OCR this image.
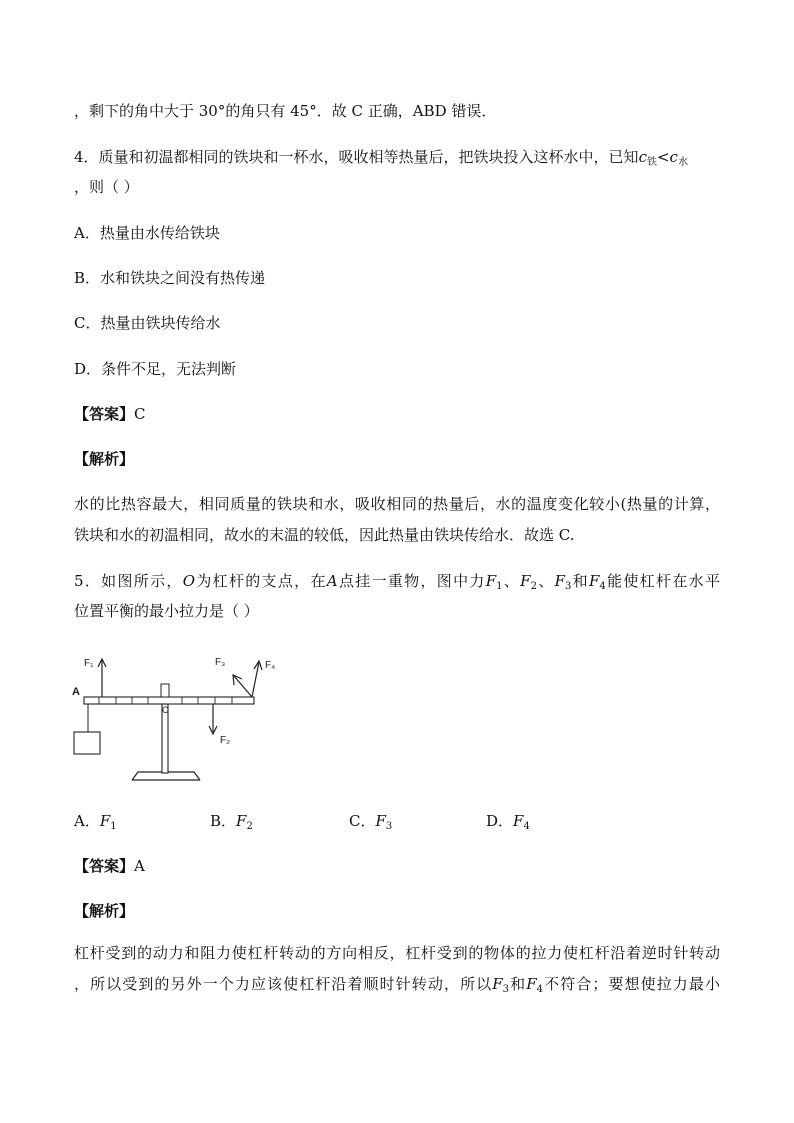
，剩下的角中大于 30°的角只有 45°．故 C 正确，ABD 错误．
4．质量和初温都相同的铁块和一杯水，吸收相等热量后，把铁块投入这杯水中，已知$c_铁<c_水$
，则（ ）
A．热量由水传给铁块
B．水和铁块之间没有热传递
C．热量由铁块传给水
D．条件不足，无法判断
【答案】C
【解析】
水的比热容最大，相同质量的铁块和水，吸收相同的热量后，水的温度变化较小(热量的计算，
铁块和水的初温相同，故水的末温的较低，因此热量由铁块传给水．故选 C.
5．如图所示，O为杠杆的支点，在A点挂一重物，图中力$F_1$、$F_2$、$F_3$和$F_4$能使杠杆在水平
位置平衡的最小拉力是（ ）
F₁
F₂
F₃	F₄
A
O
A．$F_1$	B．$F_2$	C．$F_3$	D．$F_4$
【答案】A
【解析】
杠杆受到的动力和阻力使杠杆转动的方向相反，杠杆受到的物体的拉力使杠杆沿着逆时针转动
，所以受到的另外一个力应该使杠杆沿着顺时针转动，所以$F_3$和$F_4$不符合；要想使拉力最小
